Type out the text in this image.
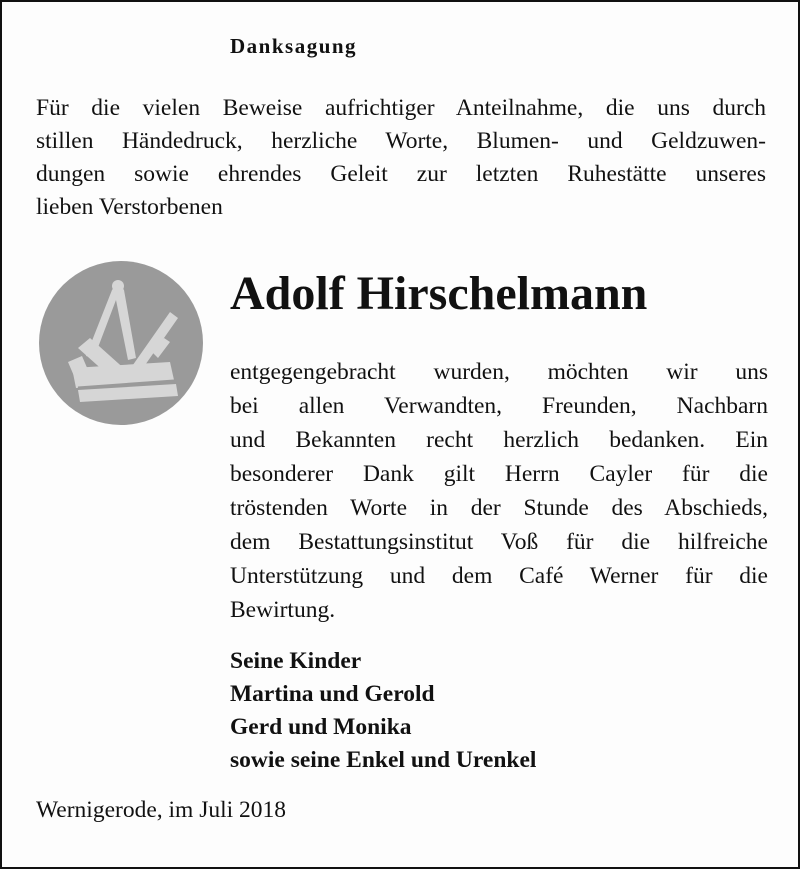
Danksagung
Für die vielen Beweise aufrichtiger Anteilnahme, die uns durch
stillen Händedruck, herzliche Worte, Blumen- und Geldzuwen-
dungen sowie ehrendes Geleit zur letzten Ruhestätte unseres
lieben Verstorbenen
Adolf Hirschelmann
entgegengebracht wurden, möchten wir uns
bei allen Verwandten, Freunden, Nachbarn
und Bekannten recht herzlich bedanken. Ein
besonderer Dank gilt Herrn Cayler für die
tröstenden Worte in der Stunde des Abschieds,
dem Bestattungsinstitut Voß für die hilfreiche
Unterstützung und dem Café Werner für die
Bewirtung.
Seine Kinder
Martina und Gerold
Gerd und Monika
sowie seine Enkel und Urenkel
Wernigerode, im Juli 2018
